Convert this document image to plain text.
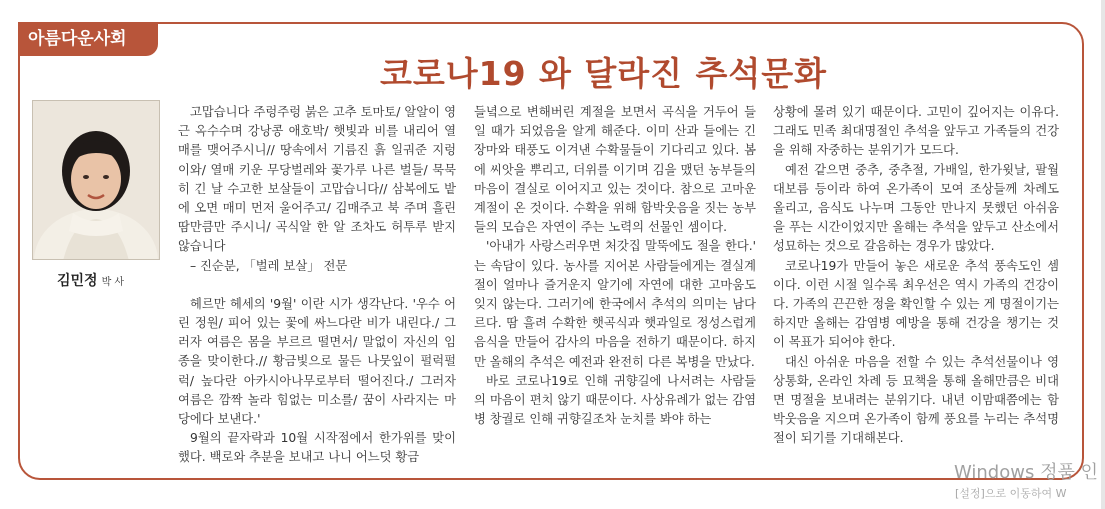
아름다운사회
코로나19 와 달라진 추석문화
김민정 박 사

고맙습니다 주렁주렁 붉은 고추 토마토/ 알알이 영근 옥수수며 강낭콩 애호박/ 햇빛과 비를 내리어 열매를 맺어주시니// 땅속에서 기름진 흙 일궈준 지렁이와/ 열매 키운 무당벌레와 꽃가루 나른 벌들/ 묵묵히 긴 날 수고한 보살들이 고맙습니다// 삼복에도 밭에 오면 매미 먼저 울어주고/ 김매주고 북 주며 흘린 땀만큼만 주시니/ 곡식알 한 알 조차도 허투루 받지 않습니다

– 진순분, 「벌레 보살」 전문

헤르만 헤세의 '9월' 이란 시가 생각난다. '우수 어린 정원/ 피어 있는 꽃에 싸느다란 비가 내린다./ 그러자 여름은 몸을 부르르 떨면서/ 말없이 자신의 임종을 맞이한다.// 황금빛으로 물든 나뭇잎이 펄럭펄럭/ 높다란 아카시아나무로부터 떨어진다./ 그러자 여름은 깜짝 놀라 힘없는 미소를/ 꿈이 사라지는 마당에다 보낸다.'

9월의 끝자락과 10월 시작점에서 한가위를 맞이했다. 백로와 추분을 보내고 나니 어느덧 황금

들녘으로 변해버린 계절을 보면서 곡식을 거두어 들일 때가 되었음을 알게 해준다. 이미 산과 들에는 긴 장마와 태풍도 이겨낸 수확물들이 기다리고 있다. 봄에 씨앗을 뿌리고, 더위를 이기며 김을 맸던 농부들의 마음이 결실로 이어지고 있는 것이다. 참으로 고마운 계절이 온 것이다. 수확을 위해 함박웃음을 짓는 농부들의 모습은 자연이 주는 노력의 선물인 셈이다.

'아내가 사랑스러우면 처갓집 말뚝에도 절을 한다.' 는 속담이 있다. 농사를 지어본 사람들에게는 결실계절이 얼마나 즐거운지 알기에 자연에 대한 고마움도 잊지 않는다. 그러기에 한국에서 추석의 의미는 남다르다. 땀 흘려 수확한 햇곡식과 햇과일로 정성스럽게 음식을 만들어 감사의 마음을 전하기 때문이다. 하지만 올해의 추석은 예전과 완전히 다른 복병을 만났다.

바로 코로나19로 인해 귀향길에 나서려는 사람들의 마음이 편치 않기 때문이다. 사상유례가 없는 감염병 창궐로 인해 귀향길조차 눈치를 봐야 하는

상황에 몰려 있기 때문이다. 고민이 깊어지는 이유다. 그래도 민족 최대명절인 추석을 앞두고 가족들의 건강을 위해 자중하는 분위기가 모드다.

예전 같으면 중추, 중추절, 가배일, 한가윗날, 팔월대보름 등이라 하여 온가족이 모여 조상들께 차례도 올리고, 음식도 나누며 그동안 만나지 못했던 아쉬움을 푸는 시간이었지만 올해는 추석을 앞두고 산소에서 성묘하는 것으로 갈음하는 경우가 많았다.

코로나19가 만들어 놓은 새로운 추석 풍속도인 셈이다. 이런 시절 일수록 최우선은 역시 가족의 건강이다. 가족의 끈끈한 정을 확인할 수 있는 게 명절이기는 하지만 올해는 감염병 예방을 통해 건강을 챙기는 것이 목표가 되어야 한다.

대신 아쉬운 마음을 전할 수 있는 추석선물이나 영상통화, 온라인 차례 등 묘책을 통해 올해만큼은 비대면 명절을 보내려는 분위기다. 내년 이맘때쯤에는 함박웃음을 지으며 온가족이 함께 풍요를 누리는 추석명절이 되기를 기대해본다.

Windows 정품 인
[설정]으로 이동하여 W
